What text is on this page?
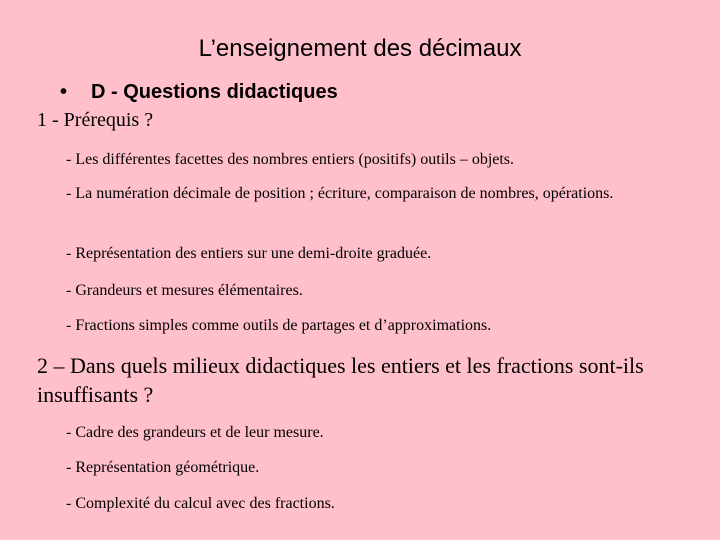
L’enseignement des décimaux
• D - Questions didactiques
1 - Prérequis ?
- Les différentes facettes des nombres entiers (positifs) outils – objets.
- La numération décimale de position ; écriture, comparaison de nombres, opérations.
- Représentation des entiers sur une demi-droite graduée.
- Grandeurs et mesures élémentaires.
- Fractions simples comme outils de partages et d’approximations.
2 – Dans quels milieux didactiques les entiers et les fractions sont-ils insuffisants ?
- Cadre des grandeurs et de leur mesure.
- Représentation géométrique.
- Complexité du calcul avec des fractions.
